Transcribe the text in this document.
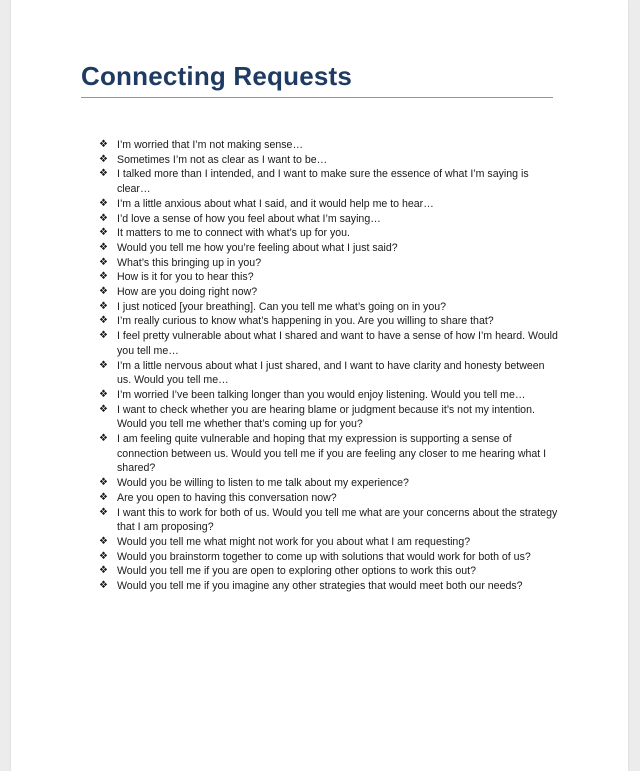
Connecting Requests
❖ I’m worried that I’m not making sense…
❖ Sometimes I’m not as clear as I want to be…
❖ I talked more than I intended, and I want to make sure the essence of what I’m saying is clear…
❖ I’m a little anxious about what I said, and it would help me to hear…
❖ I’d love a sense of how you feel about what I’m saying…
❖ It matters to me to connect with what’s up for you.
❖ Would you tell me how you’re feeling about what I just said?
❖ What’s this bringing up in you?
❖ How is it for you to hear this?
❖ How are you doing right now?
❖ I just noticed [your breathing]. Can you tell me what’s going on in you?
❖ I’m really curious to know what’s happening in you. Are you willing to share that?
❖ I feel pretty vulnerable about what I shared and want to have a sense of how I’m heard. Would you tell me…
❖ I’m a little nervous about what I just shared, and I want to have clarity and honesty between us. Would you tell me…
❖ I’m worried I’ve been talking longer than you would enjoy listening. Would you tell me…
❖ I want to check whether you are hearing blame or judgment because it’s not my intention. Would you tell me whether that’s coming up for you?
❖ I am feeling quite vulnerable and hoping that my expression is supporting a sense of connection between us. Would you tell me if you are feeling any closer to me hearing what I shared?
❖ Would you be willing to listen to me talk about my experience?
❖ Are you open to having this conversation now?
❖ I want this to work for both of us. Would you tell me what are your concerns about the strategy that I am proposing?
❖ Would you tell me what might not work for you about what I am requesting?
❖ Would you brainstorm together to come up with solutions that would work for both of us?
❖ Would you tell me if you are open to exploring other options to work this out?
❖ Would you tell me if you imagine any other strategies that would meet both our needs?
